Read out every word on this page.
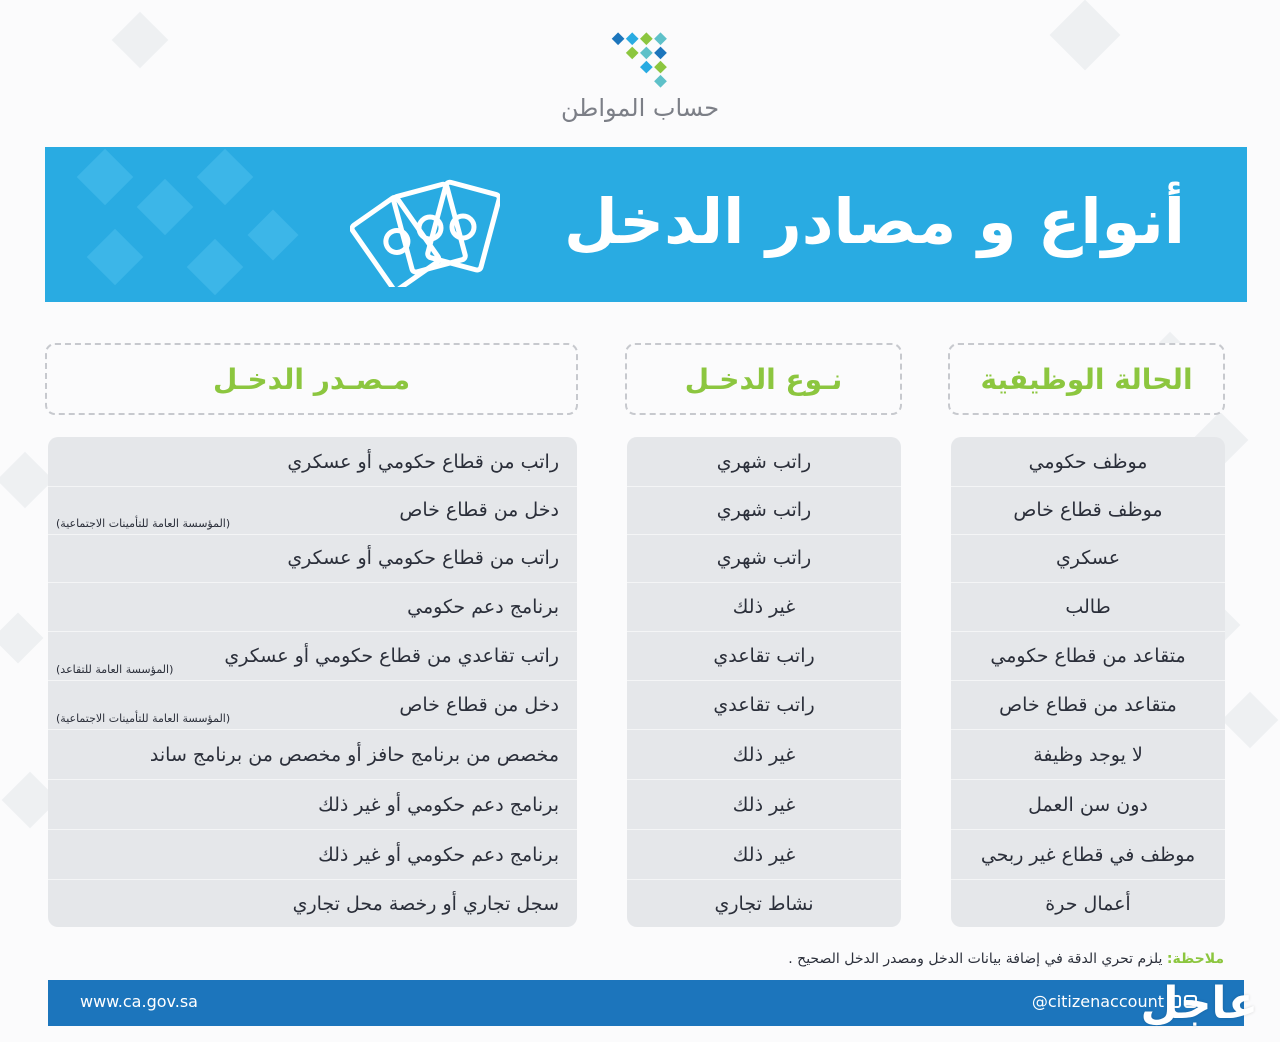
حساب المواطن
أنواع و مصادر الدخل
الحالة الوظيفية
نـوع الدخـل
مـصـدر الدخـل
موظف حكومي
موظف قطاع خاص
عسكري
طالب
متقاعد من قطاع حكومي
متقاعد من قطاع خاص
لا يوجد وظيفة
دون سن العمل
موظف في قطاع غير ربحي
أعمال حرة
راتب شهري
راتب شهري
راتب شهري
غير ذلك
راتب تقاعدي
راتب تقاعدي
غير ذلك
غير ذلك
غير ذلك
نشاط تجاري
راتب من قطاع حكومي أو عسكري
دخل من قطاع خاص
(المؤسسة العامة للتأمينات الاجتماعية)
راتب من قطاع حكومي أو عسكري
برنامج دعم حكومي
راتب تقاعدي من قطاع حكومي أو عسكري
(المؤسسة العامة للتقاعد)
دخل من قطاع خاص
(المؤسسة العامة للتأمينات الاجتماعية)
مخصص من برنامج حافز أو مخصص من برنامج ساند
برنامج دعم حكومي أو غير ذلك
برنامج دعم حكومي أو غير ذلك
سجل تجاري أو رخصة محل تجاري
ملاحظة: يلزم تحري الدقة في إضافة بيانات الدخل ومصدر الدخل الصحيح .
www.ca.gov.sa	@citizenaccount
عاجل
